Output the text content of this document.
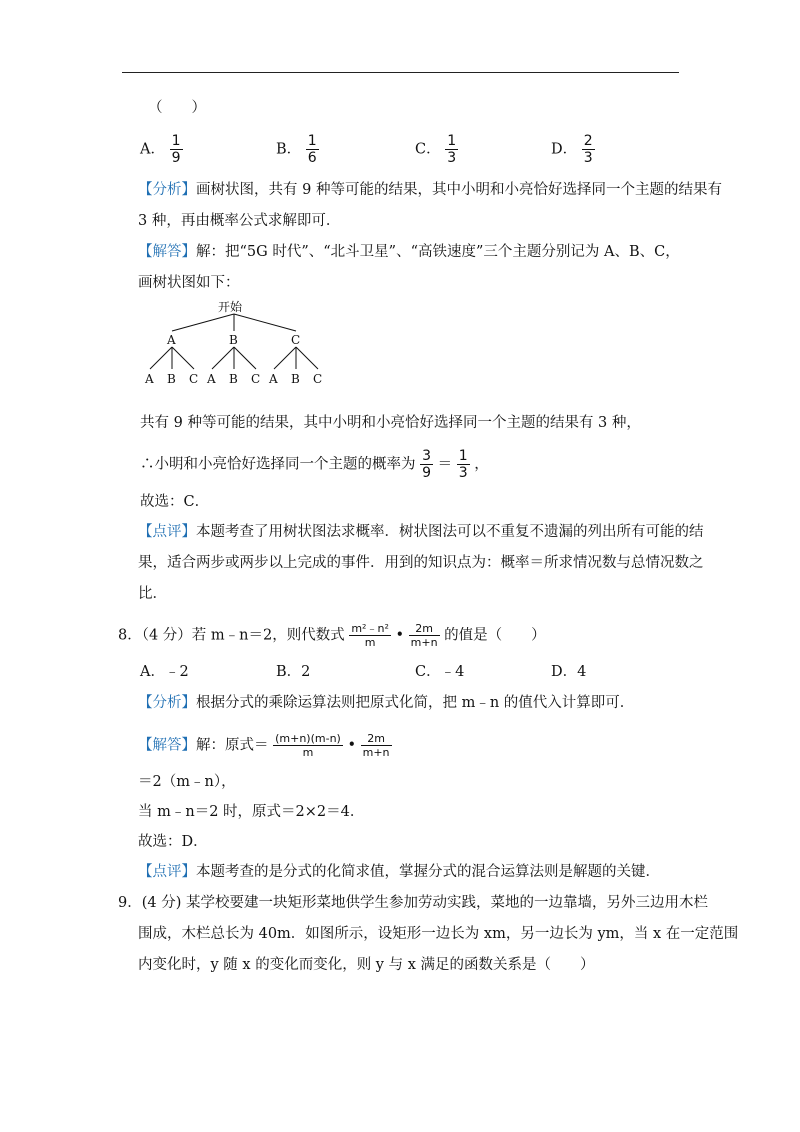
（　　）
A． $\frac{1}{9}$	B． $\frac{1}{6}$	C． $\frac{1}{3}$	D． $\frac{2}{3}$
【分析】画树状图，共有 9 种等可能的结果，其中小明和小亮恰好选择同一个主题的结果有
3 种，再由概率公式求解即可．
【解答】解：把“5G 时代”、“北斗卫星”、“高铁速度”三个主题分别记为 A、B、C，
画树状图如下：
开始
A	B	C
A B C A B C A B C
共有 9 种等可能的结果，其中小明和小亮恰好选择同一个主题的结果有 3 种，
∴小明和小亮恰好选择同一个主题的概率为 $\frac{3}{9} = \frac{1}{3}$ ，
故选：C．
【点评】本题考查了用树状图法求概率．树状图法可以不重复不遗漏的列出所有可能的结
果，适合两步或两步以上完成的事件．用到的知识点为：概率＝所求情况数与总情况数之
比．
8．（4 分）若 m﹣n＝2，则代数式 $\frac{\text{m²﹣n²}}{m}$ • $\frac{2m}{m+n}$ 的值是（　　）
A．﹣2	B．2	C．﹣4	D．4
【分析】根据分式的乘除运算法则把原式化简，把 m﹣n 的值代入计算即可．
【解答】解：原式＝ $\frac{(m+n)(m-n)}{m}$ • $\frac{2m}{m+n}$
＝2（m﹣n），
当 m﹣n＝2 时，原式＝2×2＝4．
故选：D．
【点评】本题考查的是分式的化简求值，掌握分式的混合运算法则是解题的关键．
9．(4 分) 某学校要建一块矩形菜地供学生参加劳动实践，菜地的一边靠墙，另外三边用木栏
围成，木栏总长为 40m．如图所示，设矩形一边长为 xm，另一边长为 ym，当 x 在一定范围
内变化时，y 随 x 的变化而变化，则 y 与 x 满足的函数关系是（　　）
